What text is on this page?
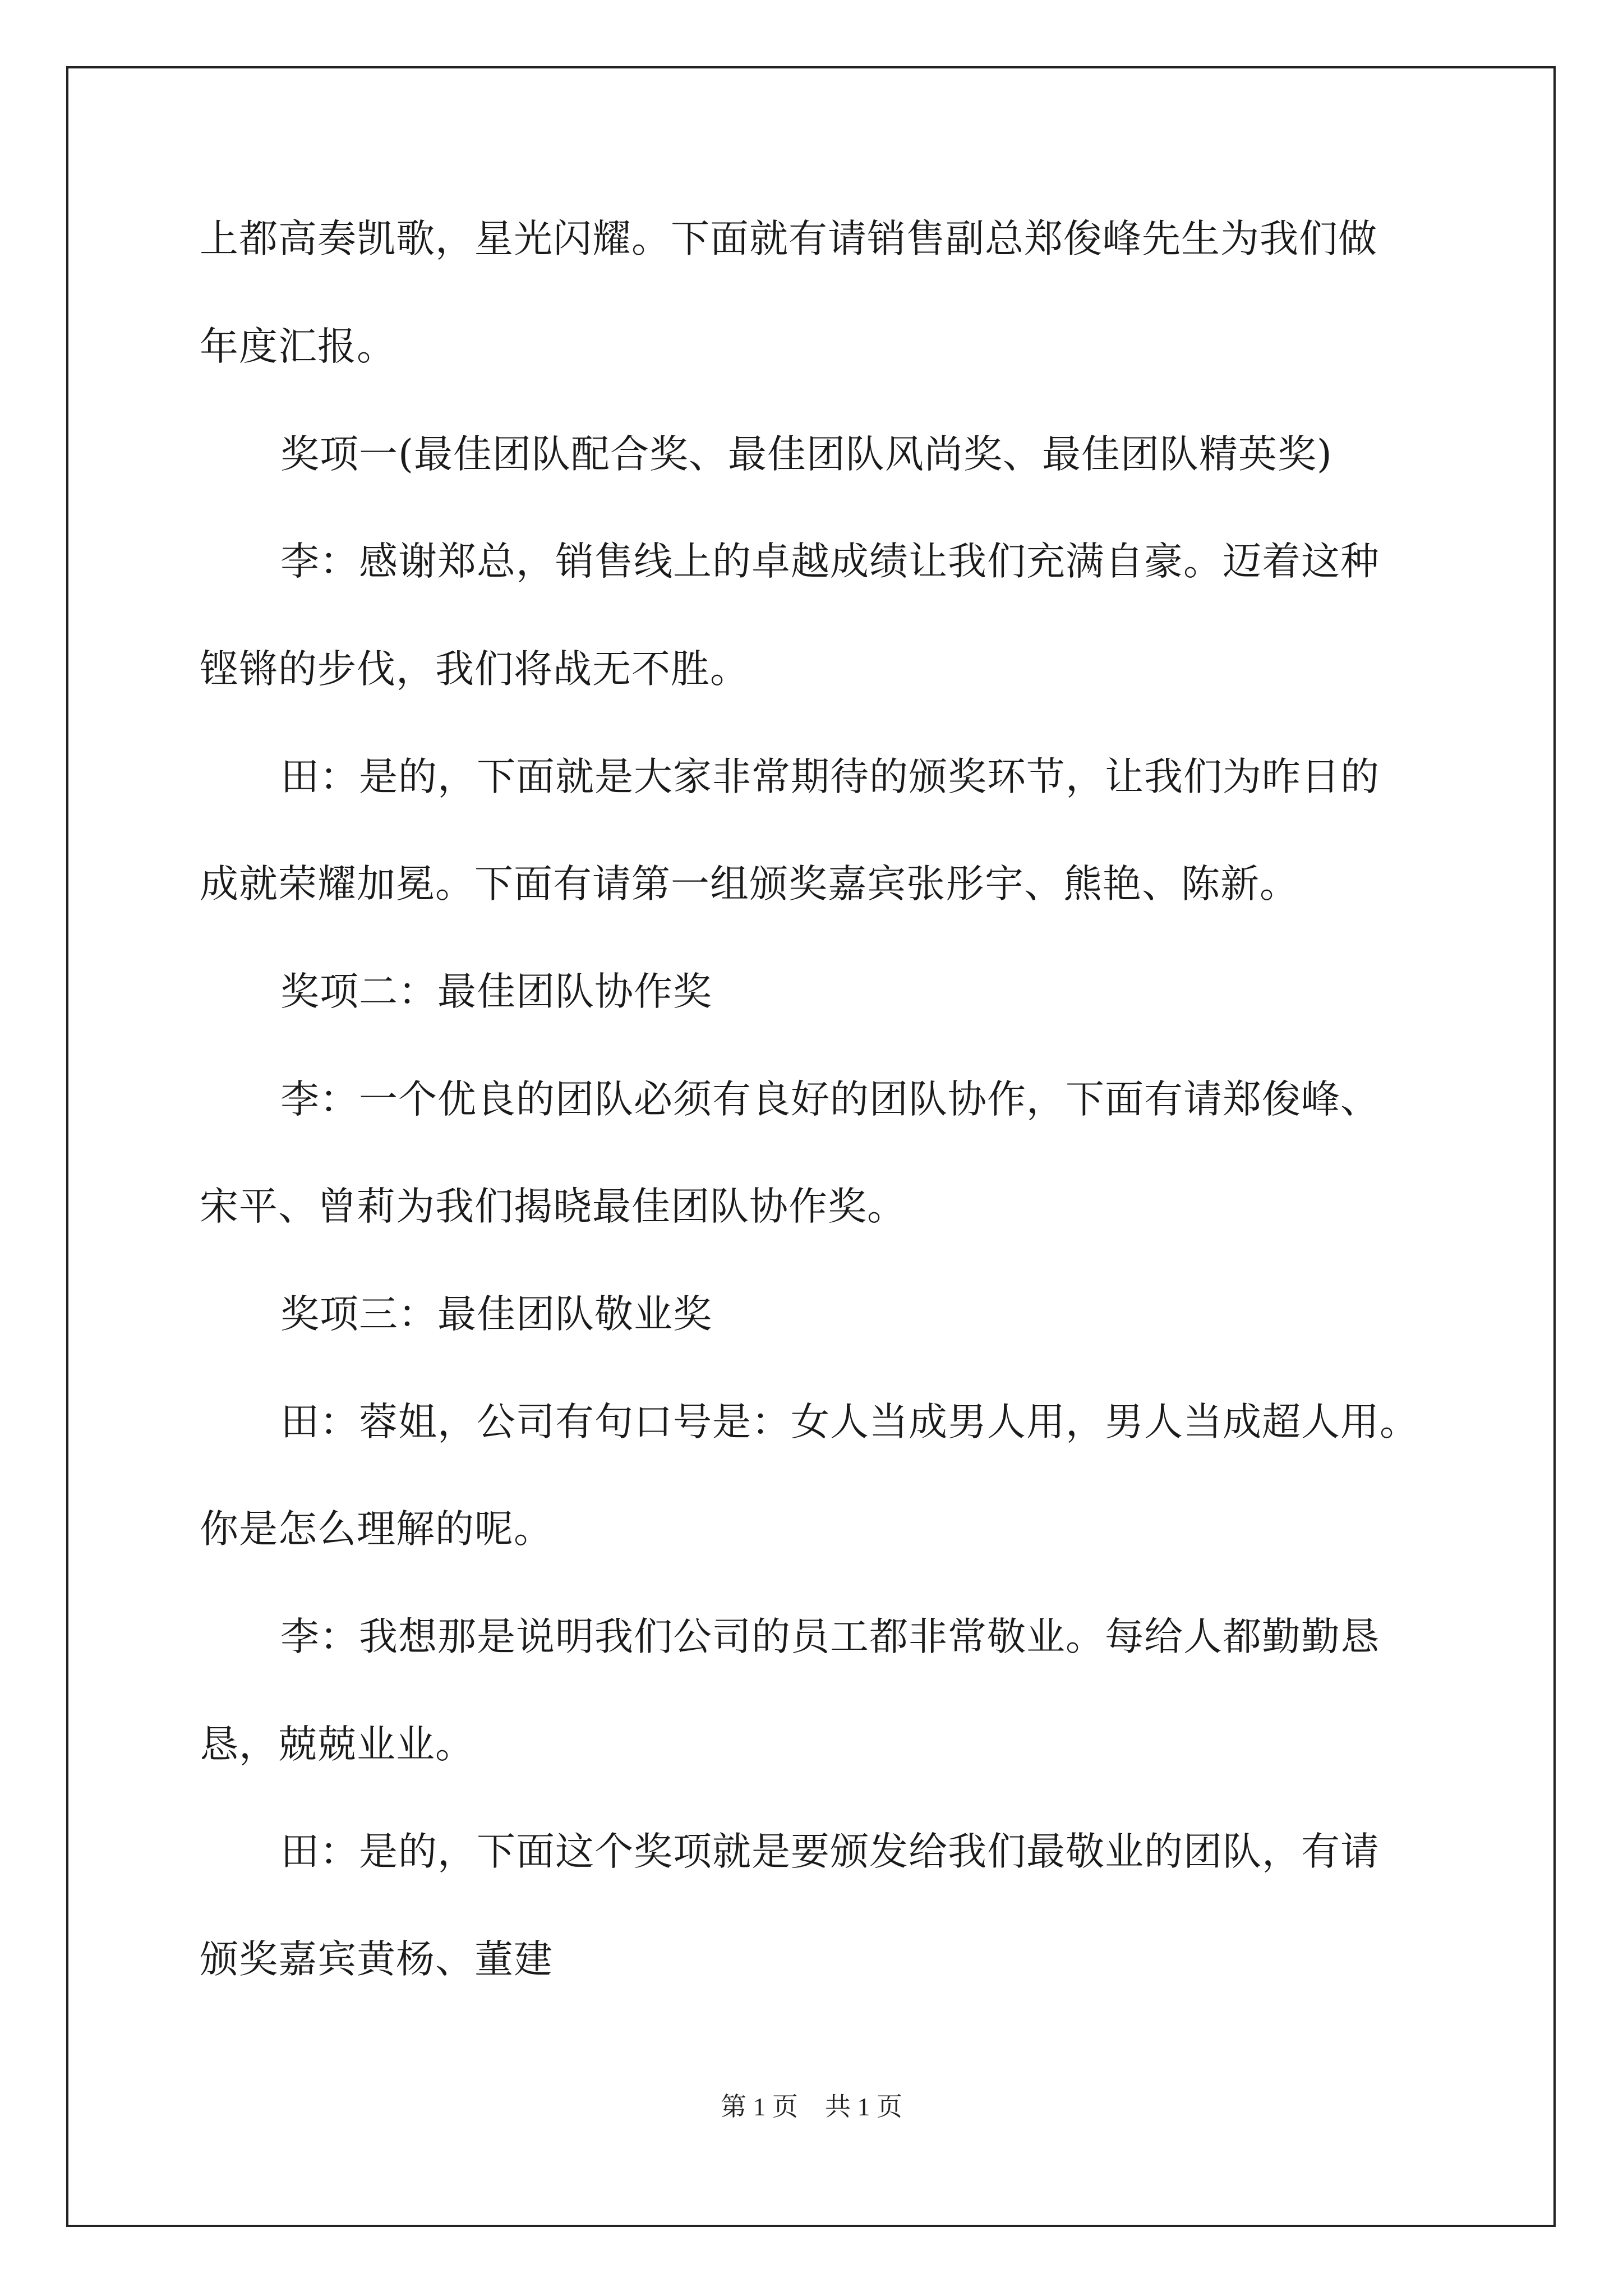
上都高奏凯歌，星光闪耀。下面就有请销售副总郑俊峰先生为我们做
年度汇报。
奖项一(最佳团队配合奖、最佳团队风尚奖、最佳团队精英奖)
李：感谢郑总，销售线上的卓越成绩让我们充满自豪。迈着这种
铿锵的步伐，我们将战无不胜。
田：是的，下面就是大家非常期待的颁奖环节，让我们为昨日的
成就荣耀加冕。下面有请第一组颁奖嘉宾张彤宇、熊艳、陈新。
奖项二：最佳团队协作奖
李：一个优良的团队必须有良好的团队协作，下面有请郑俊峰、
宋平、曾莉为我们揭晓最佳团队协作奖。
奖项三：最佳团队敬业奖
田：蓉姐，公司有句口号是：女人当成男人用，男人当成超人用。
你是怎么理解的呢。
李：我想那是说明我们公司的员工都非常敬业。每给人都勤勤恳
恳，兢兢业业。
田：是的，下面这个奖项就是要颁发给我们最敬业的团队，有请
颁奖嘉宾黄杨、董建
第 1 页 共 1 页
